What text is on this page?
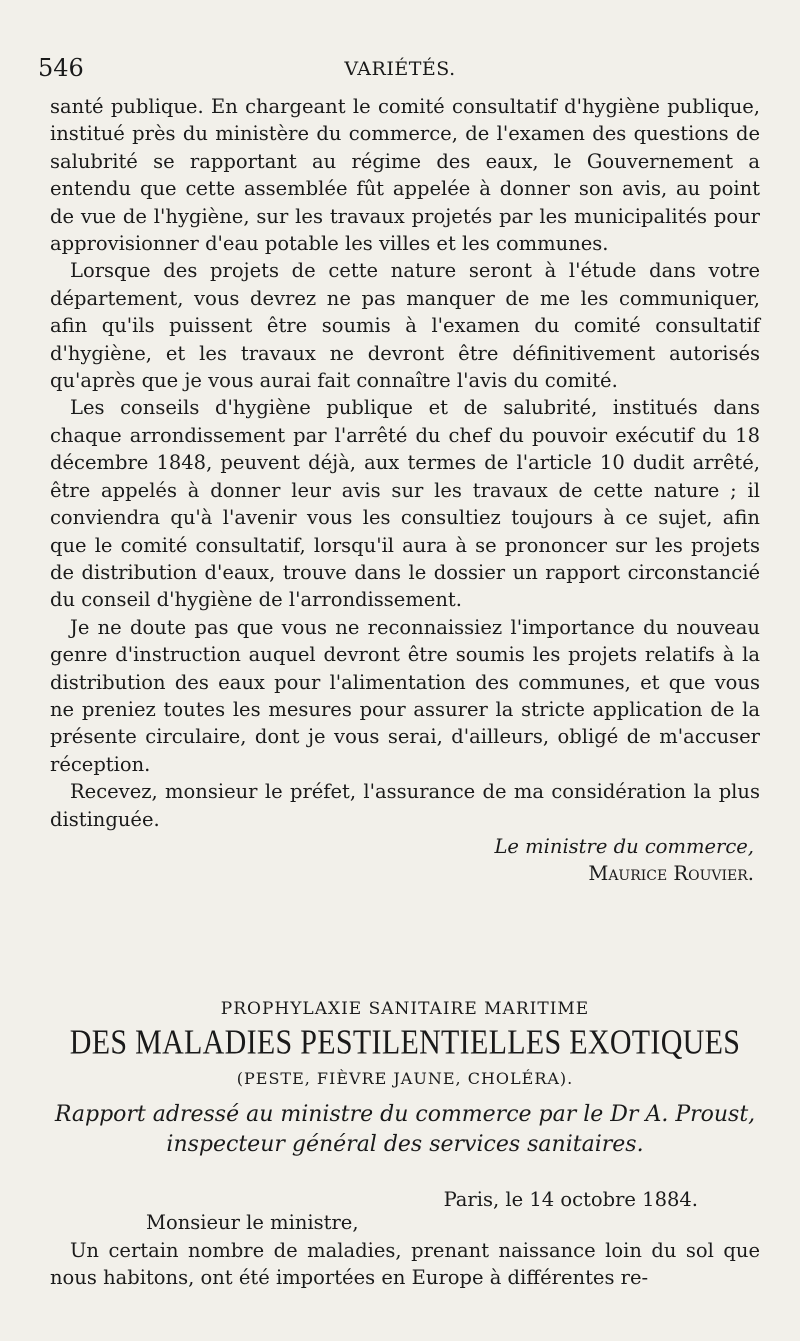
546	VARIÉTÉS.

santé publique. En chargeant le comité consultatif d'hygiène publique, institué près du ministère du commerce, de l'examen des questions de salubrité se rapportant au régime des eaux, le Gouvernement a entendu que cette assemblée fût appelée à donner son avis, au point de vue de l'hygiène, sur les travaux projetés par les municipalités pour approvisionner d'eau potable les villes et les communes.

Lorsque des projets de cette nature seront à l'étude dans votre département, vous devrez ne pas manquer de me les communiquer, afin qu'ils puissent être soumis à l'examen du comité consultatif d'hygiène, et les travaux ne devront être définitivement autorisés qu'après que je vous aurai fait connaître l'avis du comité.

Les conseils d'hygiène publique et de salubrité, institués dans chaque arrondissement par l'arrêté du chef du pouvoir exécutif du 18 décembre 1848, peuvent déjà, aux termes de l'article 10 dudit arrêté, être appelés à donner leur avis sur les travaux de cette nature ; il conviendra qu'à l'avenir vous les consultiez toujours à ce sujet, afin que le comité consultatif, lorsqu'il aura à se prononcer sur les projets de distribution d'eaux, trouve dans le dossier un rapport circonstancié du conseil d'hygiène de l'arrondissement.

Je ne doute pas que vous ne reconnaissiez l'importance du nouveau genre d'instruction auquel devront être soumis les projets relatifs à la distribution des eaux pour l'alimentation des communes, et que vous ne preniez toutes les mesures pour assurer la stricte application de la présente circulaire, dont je vous serai, d'ailleurs, obligé de m'accuser réception.

Recevez, monsieur le préfet, l'assurance de ma considération la plus distinguée.

Le ministre du commerce,

Maurice Rouvier.

PROPHYLAXIE SANITAIRE MARITIME
DES MALADIES PESTILENTIELLES EXOTIQUES
(PESTE, FIÈVRE JAUNE, CHOLÉRA).
Rapport adressé au ministre du commerce par le Dr A. Proust,
inspecteur général des services sanitaires.

Paris, le 14 octobre 1884.

Monsieur le ministre,

Un certain nombre de maladies, prenant naissance loin du sol que nous habitons, ont été importées en Europe à différentes re-
